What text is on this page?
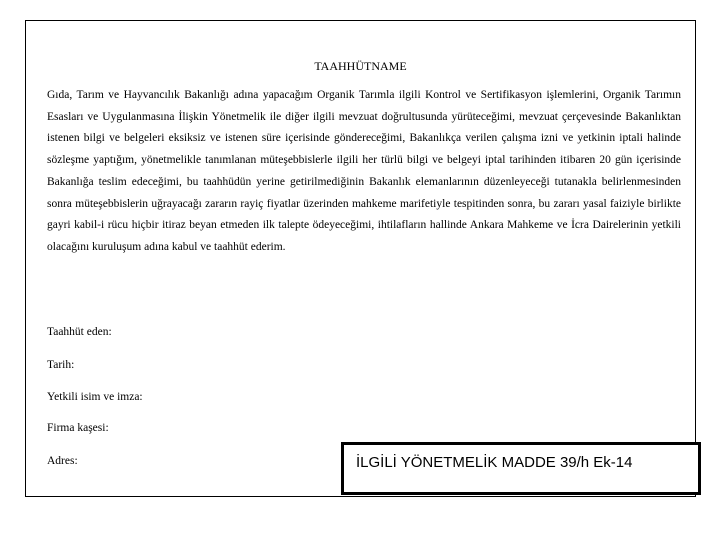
TAAHHÜTNAME
Gıda, Tarım ve Hayvancılık Bakanlığı adına yapacağım Organik Tarımla ilgili Kontrol ve Sertifikasyon işlemlerini, Organik Tarımın Esasları ve Uygulanmasına İlişkin Yönetmelik ile diğer ilgili mevzuat doğrultusunda yürüteceğimi, mevzuat çerçevesinde Bakanlıktan istenen bilgi ve belgeleri eksiksiz ve istenen süre içerisinde göndereceğimi, Bakanlıkça verilen çalışma izni ve yetkinin iptali halinde sözleşme yaptığım, yönetmelikle tanımlanan müteşebbislerle ilgili her türlü bilgi ve belgeyi iptal tarihinden itibaren 20 gün içerisinde Bakanlığa teslim edeceğimi, bu taahhüdün yerine getirilmediğinin Bakanlık elemanlarının düzenleyeceği tutanakla belirlenmesinden sonra müteşebbislerin uğrayacağı zararın rayiç fiyatlar üzerinden mahkeme marifetiyle tespitinden sonra, bu zararı yasal faiziyle birlikte gayri kabil-i rücu hiçbir itiraz beyan etmeden ilk talepte ödeyeceğimi, ihtilafların hallinde Ankara Mahkeme ve İcra Dairelerinin yetkili olacağını kuruluşum adına kabul ve taahhüt ederim.
Taahhüt eden:
Tarih:
Yetkili isim ve imza:
Firma kaşesi:
Adres:	İLGİLİ YÖNETMELİK MADDE 39/h Ek-14
